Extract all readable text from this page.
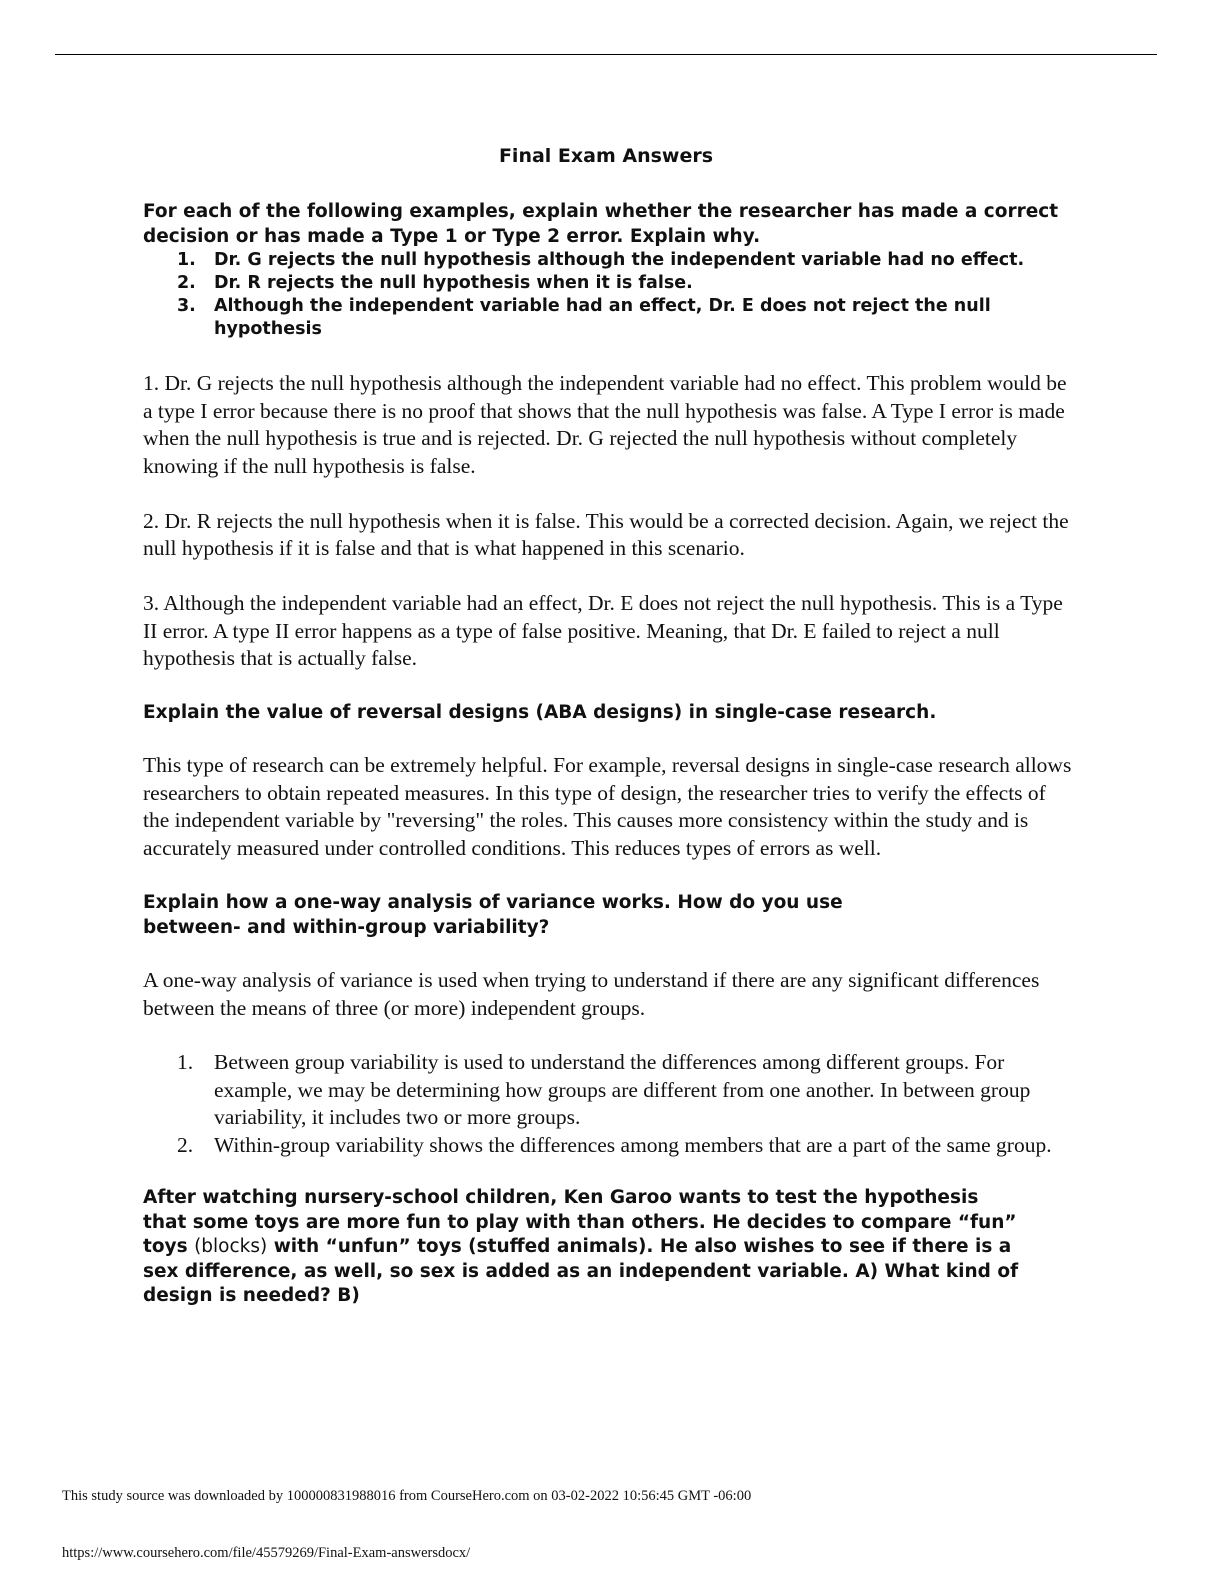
Final Exam Answers

For each of the following examples, explain whether the researcher has made a correct decision or has made a Type 1 or Type 2 error. Explain why.

1. Dr. G rejects the null hypothesis although the independent variable had no effect.
2. Dr. R rejects the null hypothesis when it is false.
3. Although the independent variable had an effect, Dr. E does not reject the null hypothesis

1. Dr. G rejects the null hypothesis although the independent variable had no effect. This problem would be a type I error because there is no proof that shows that the null hypothesis was false. A Type I error is made when the null hypothesis is true and is rejected. Dr. G rejected the null hypothesis without completely knowing if the null hypothesis is false.

2. Dr. R rejects the null hypothesis when it is false. This would be a corrected decision. Again, we reject the null hypothesis if it is false and that is what happened in this scenario.

3. Although the independent variable had an effect, Dr. E does not reject the null hypothesis. This is a Type II error. A type II error happens as a type of false positive. Meaning, that Dr. E failed to reject a null hypothesis that is actually false.

Explain the value of reversal designs (ABA designs) in single-case research.

This type of research can be extremely helpful. For example, reversal designs in single-case research allows researchers to obtain repeated measures. In this type of design, the researcher tries to verify the effects of the independent variable by "reversing" the roles. This causes more consistency within the study and is accurately measured under controlled conditions. This reduces types of errors as well.

Explain how a one-way analysis of variance works. How do you use between- and within-group variability?

A one-way analysis of variance is used when trying to understand if there are any significant differences between the means of three (or more) independent groups.

1. Between group variability is used to understand the differences among different groups. For example, we may be determining how groups are different from one another. In between group variability, it includes two or more groups.
2. Within-group variability shows the differences among members that are a part of the same group.

After watching nursery-school children, Ken Garoo wants to test the hypothesis that some toys are more fun to play with than others. He decides to compare “fun” toys (blocks) with “unfun” toys (stuffed animals). He also wishes to see if there is a sex difference, as well, so sex is added as an independent variable. A) What kind of design is needed? B)

This study source was downloaded by 100000831988016 from CourseHero.com on 03-02-2022 10:56:45 GMT -06:00
https://www.coursehero.com/file/45579269/Final-Exam-answersdocx/
